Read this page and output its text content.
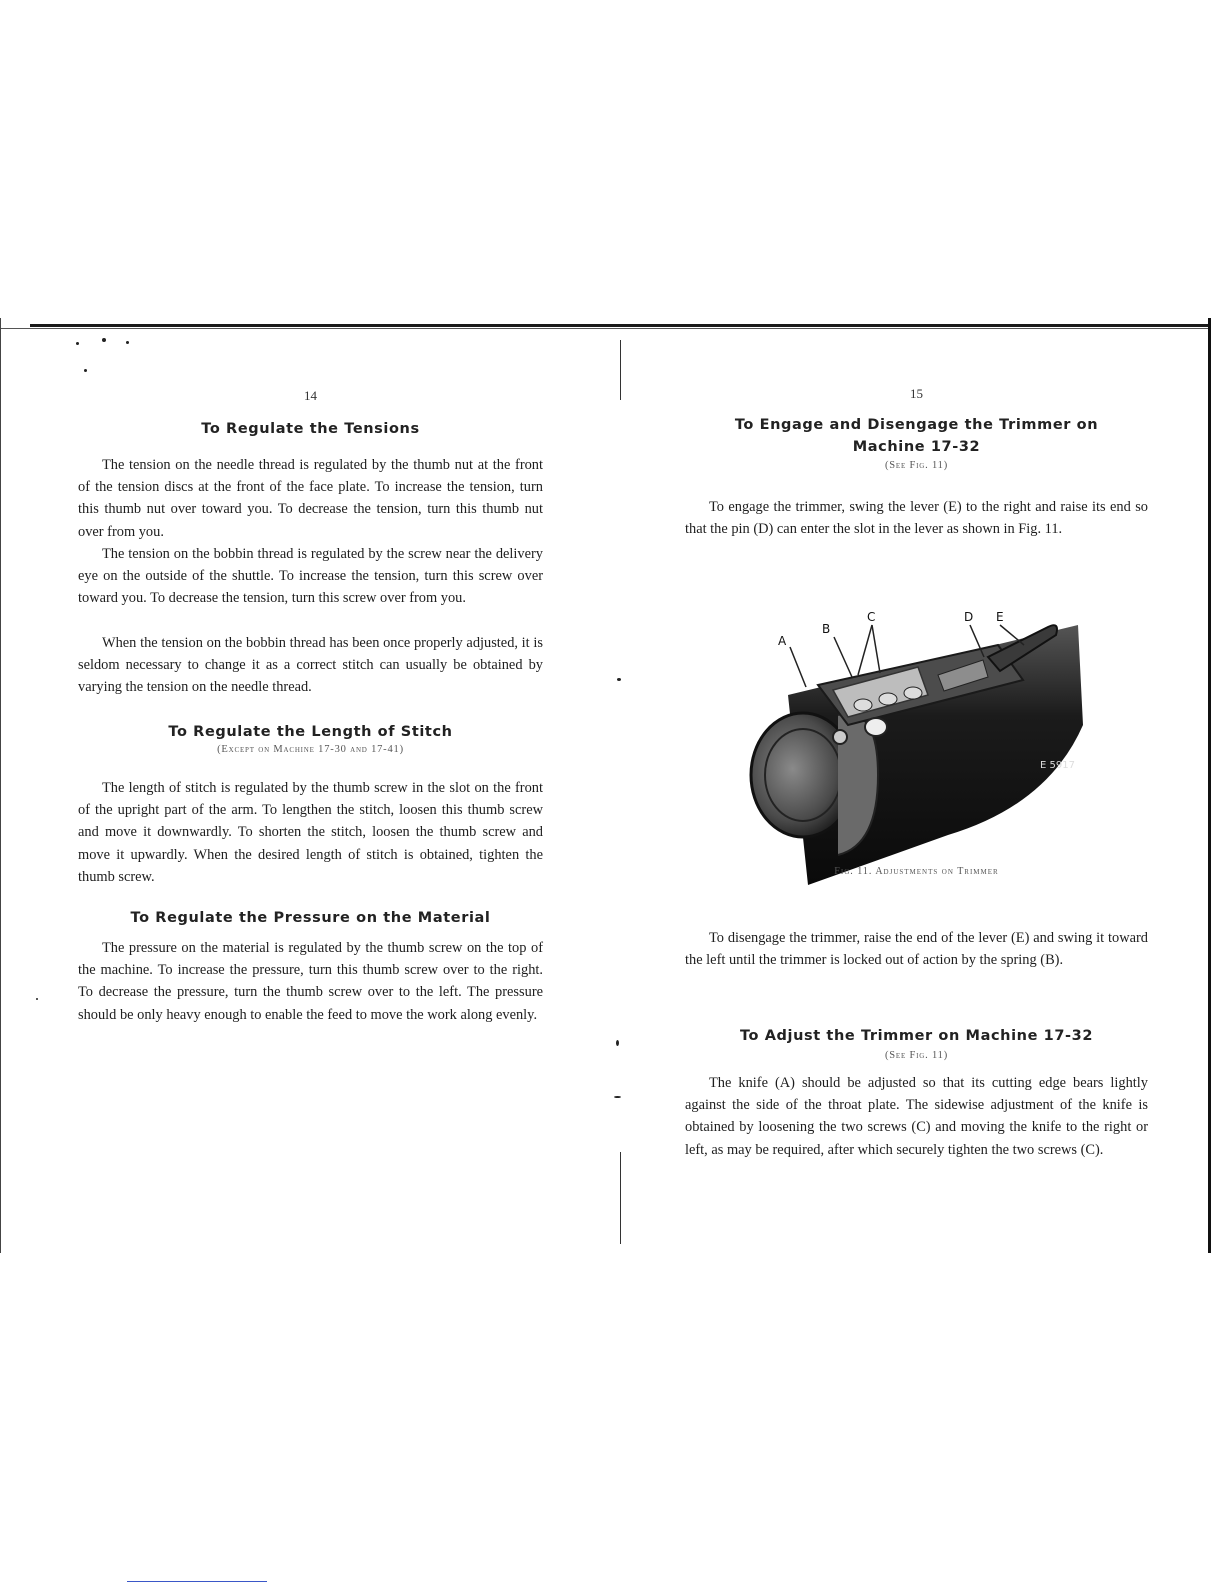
14
To Regulate the Tensions

The tension on the needle thread is regulated by the thumb nut at the front of the tension discs at the front of the face plate. To increase the tension, turn this thumb nut over toward you. To decrease the tension, turn this thumb nut over from you.

The tension on the bobbin thread is regulated by the screw near the delivery eye on the outside of the shuttle. To increase the tension, turn this screw over toward you. To decrease the tension, turn this screw over from you.

When the tension on the bobbin thread has been once properly adjusted, it is seldom necessary to change it as a correct stitch can usually be obtained by varying the tension on the needle thread.

To Regulate the Length of Stitch
(Except on Machine 17-30 and 17-41)

The length of stitch is regulated by the thumb screw in the slot on the front of the upright part of the arm. To lengthen the stitch, loosen this thumb screw and move it downwardly. To shorten the stitch, loosen the thumb screw and move it upwardly. When the desired length of stitch is obtained, tighten the thumb screw.

To Regulate the Pressure on the Material

The pressure on the material is regulated by the thumb screw on the top of the machine. To increase the pressure, turn this thumb screw over to the right. To decrease the pressure, turn the thumb screw over to the left. The pressure should be only heavy enough to enable the feed to move the work along evenly.

15
To Engage and Disengage the Trimmer on Machine 17-32
(See Fig. 11)

To engage the trimmer, swing the lever (E) to the right and raise its end so that the pin (D) can enter the slot in the lever as shown in Fig. 11.

To disengage the trimmer, raise the end of the lever (E) and swing it toward the left until the trimmer is locked out of action by the spring (B).

To Adjust the Trimmer on Machine 17-32
(See Fig. 11)

The knife (A) should be adjusted so that its cutting edge bears lightly against the side of the throat plate. The sidewise adjustment of the knife is obtained by loosening the two screws (C) and moving the knife to the right or left, as may be required, after which securely tighten the two screws (C).

A
B
C	D E
E 5917
Fig. 11. Adjustments on Trimmer
